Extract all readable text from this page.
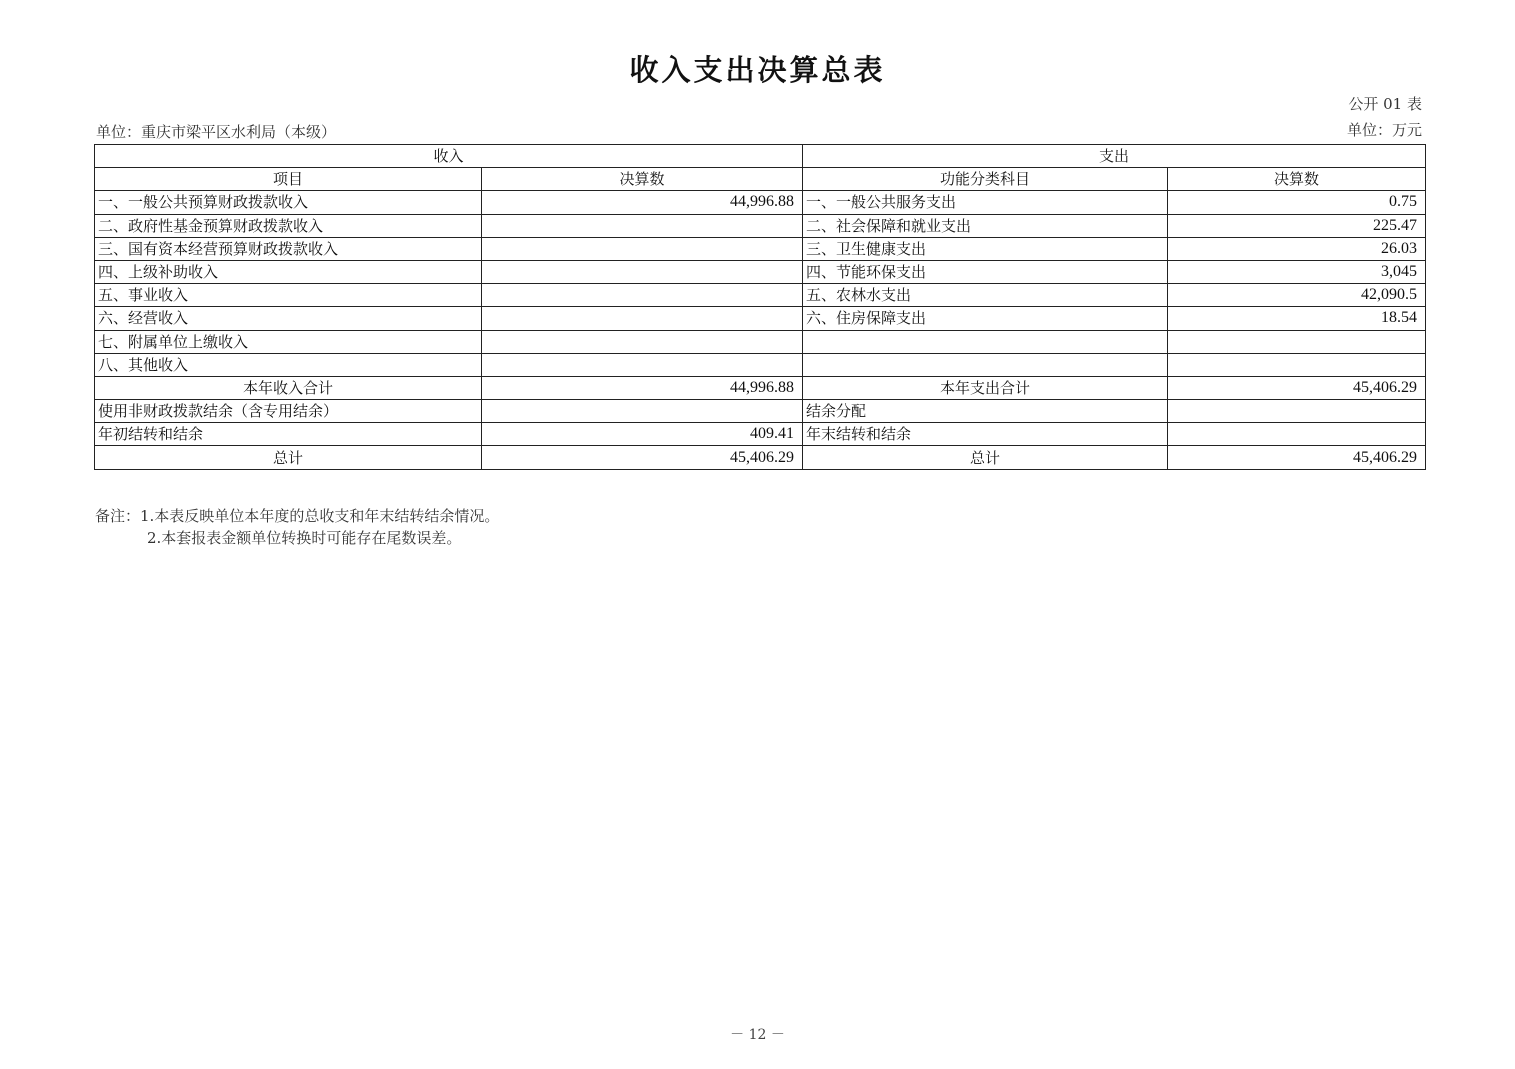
收入支出决算总表
公开 01 表
单位：重庆市梁平区水利局（本级）	单位：万元
收入		支出	
项目	决算数	功能分类科目	决算数
一、一般公共预算财政拨款收入	44,996.88	一、一般公共服务支出	0.75
二、政府性基金预算财政拨款收入		二、社会保障和就业支出	225.47
三、国有资本经营预算财政拨款收入		三、卫生健康支出	26.03
四、上级补助收入		四、节能环保支出	3,045
五、事业收入		五、农林水支出	42,090.5
六、经营收入		六、住房保障支出	18.54
七、附属单位上缴收入			
八、其他收入			
本年收入合计	44,996.88	本年支出合计	45,406.29
使用非财政拨款结余（含专用结余）		结余分配	
年初结转和结余	409.41	年末结转和结余	
总计	45,406.29	总计	45,406.29
备注：1.本表反映单位本年度的总收支和年末结转结余情况。
2.本套报表金额单位转换时可能存在尾数误差。
－ 12 －
